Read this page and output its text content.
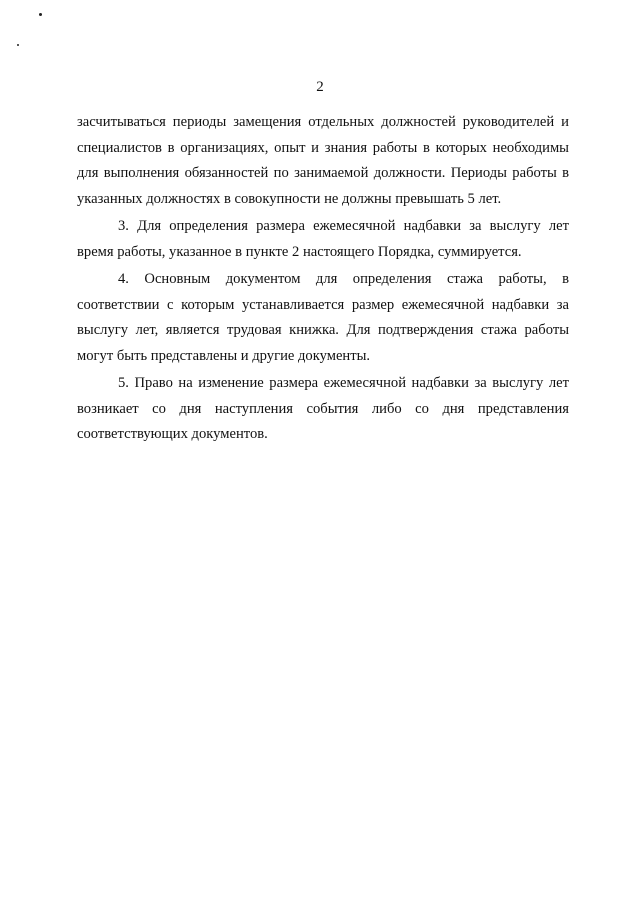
2

засчитываться периоды замещения отдельных должностей руководителей и специалистов в организациях, опыт и знания работы в которых необходимы для выполнения обязанностей по занимаемой должности. Периоды работы в указанных должностях в совокупности не должны превышать 5 лет.

3. Для определения размера ежемесячной надбавки за выслугу лет время работы, указанное в пункте 2 настоящего Порядка, суммируется.

4. Основным документом для определения стажа работы, в соответствии с которым устанавливается размер ежемесячной надбавки за выслугу лет, является трудовая книжка. Для подтверждения стажа работы могут быть представлены и другие документы.

5. Право на изменение размера ежемесячной надбавки за выслугу лет возникает со дня наступления события либо со дня представления соответствующих документов.
